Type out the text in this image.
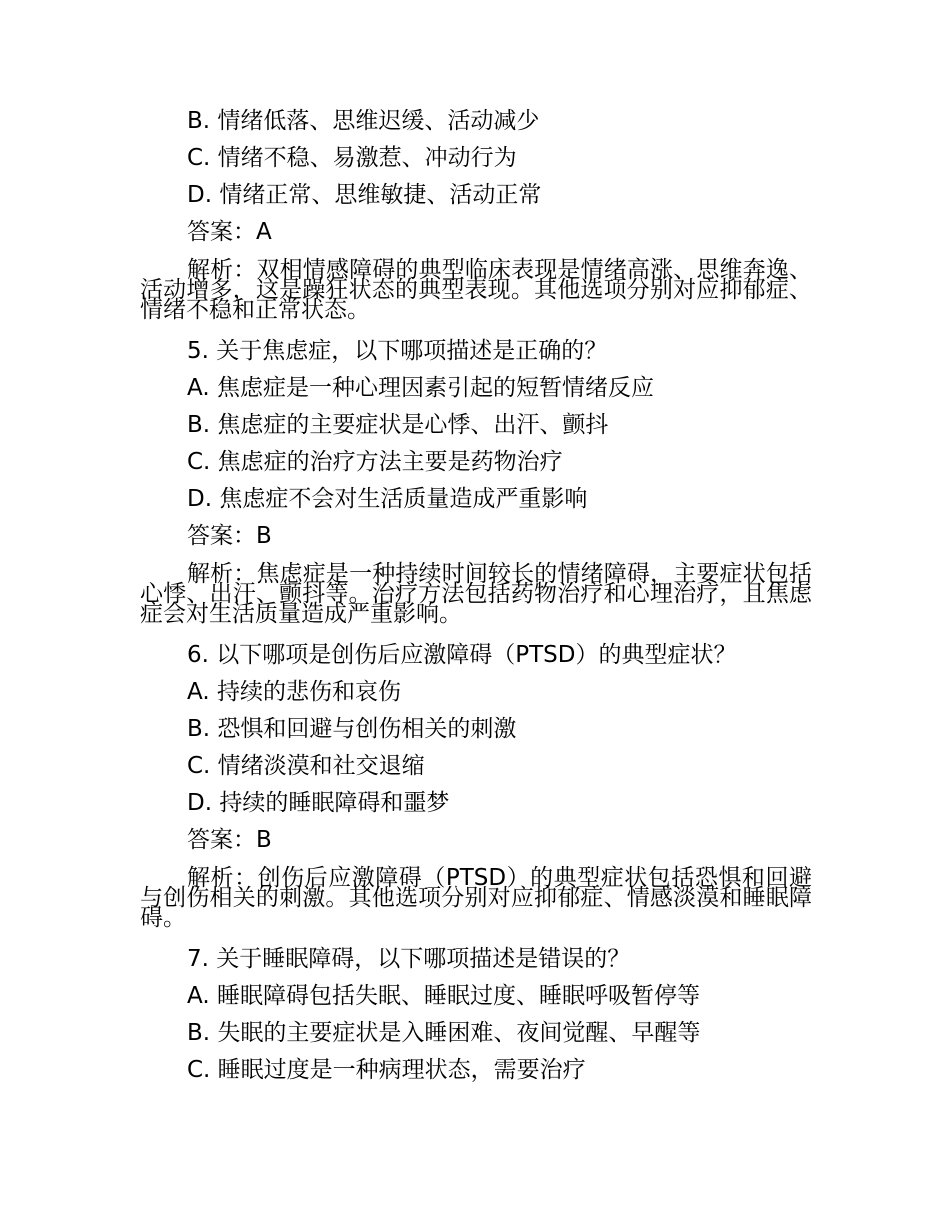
B. 情绪低落、思维迟缓、活动减少
C. 情绪不稳、易激惹、冲动行为
D. 情绪正常、思维敏捷、活动正常
答案：A
解析：双相情感障碍的典型临床表现是情绪高涨、思维奔逸、活动增多，这是躁狂状态的典型表现。其他选项分别对应抑郁症、情绪不稳和正常状态。
5. 关于焦虑症，以下哪项描述是正确的？
A. 焦虑症是一种心理因素引起的短暂情绪反应
B. 焦虑症的主要症状是心悸、出汗、颤抖
C. 焦虑症的治疗方法主要是药物治疗
D. 焦虑症不会对生活质量造成严重影响
答案：B
解析：焦虑症是一种持续时间较长的情绪障碍，主要症状包括心悸、出汗、颤抖等。治疗方法包括药物治疗和心理治疗，且焦虑症会对生活质量造成严重影响。
6. 以下哪项是创伤后应激障碍（PTSD）的典型症状？
A. 持续的悲伤和哀伤
B. 恐惧和回避与创伤相关的刺激
C. 情绪淡漠和社交退缩
D. 持续的睡眠障碍和噩梦
答案：B
解析：创伤后应激障碍（PTSD）的典型症状包括恐惧和回避与创伤相关的刺激。其他选项分别对应抑郁症、情感淡漠和睡眠障碍。
7. 关于睡眠障碍，以下哪项描述是错误的？
A. 睡眠障碍包括失眠、睡眠过度、睡眠呼吸暂停等
B. 失眠的主要症状是入睡困难、夜间觉醒、早醒等
C. 睡眠过度是一种病理状态，需要治疗
